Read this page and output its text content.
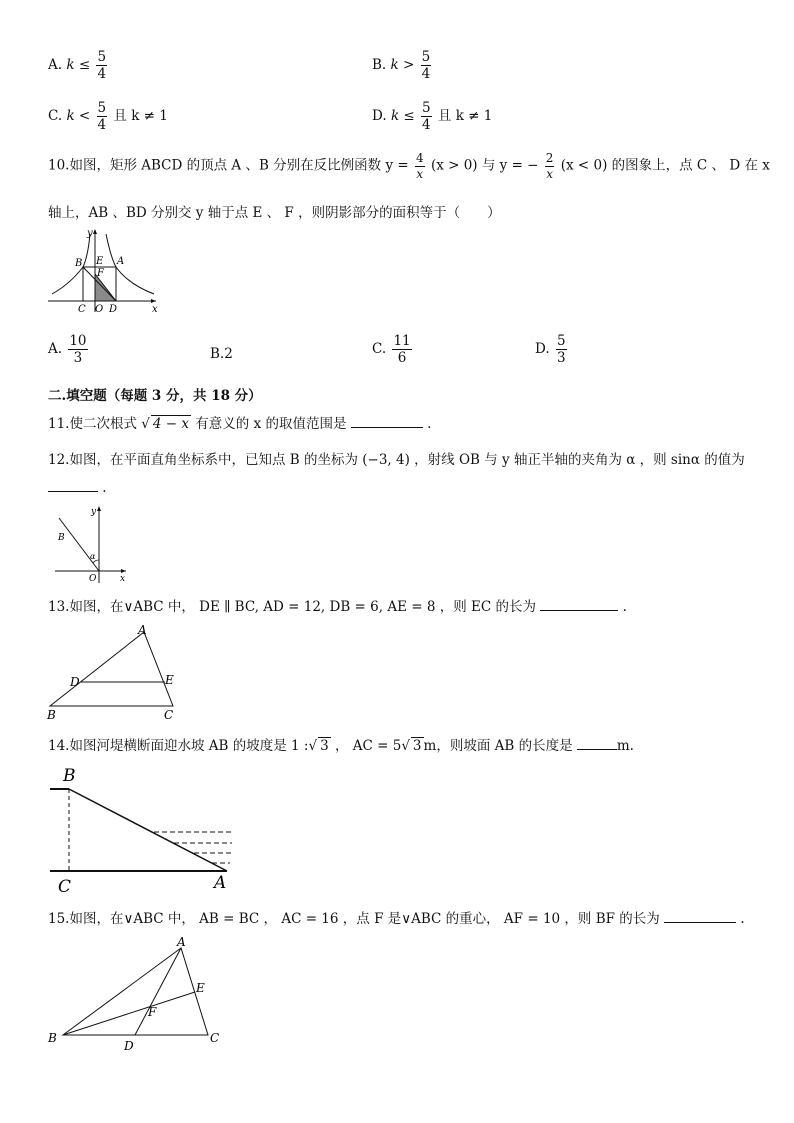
A. $k \le \frac{5}{4}$	B. $k > \frac{5}{4}$
C. $k < \frac{5}{4}$ 且 k ≠ 1	D. $k \le \frac{5}{4}$ 且 k ≠ 1
10.如图，矩形 ABCD 的顶点 A 、B 分别在反比例函数 $y = \frac{4}{x} (x > 0)$ 与 y = − $\frac{2}{x} (x < 0)$ 的图象上，点 C 、 D 在 x
轴上，AB 、BD 分别交 y 轴于点 E 、 F ，则阴影部分的面积等于（　　）
B E A
F
C O D	x
y
A. $\frac{10}{3}$	B.2	C. $\frac{11}{6}$	D. $\frac{5}{3}$
二.填空题（每题 3 分，共 18 分）
11.使二次根式 √ 4 − x 有意义的 x 的取值范围是	.
12.如图，在平面直角坐标系中，已知点 B 的坐标为 (−3, 4) ，射线 OB 与 y 轴正半轴的夹角为 α ，则 sinα 的值为
.
B
α
O	x
y
13.如图，在∨ABC 中， DE ∥ BC, AD = 12, DB = 6, AE = 8 ，则 EC 的长为	.
A
D	E
B	C
14.如图河堤横断面迎水坡 AB 的坡度是 1 :√ 3 ， AC = 5√ 3 m，则坡面 AB 的长度是	m.
B
C	A
15.如图，在∨ABC 中， AB = BC ， AC = 16 ，点 F 是∨ABC 的重心， AF = 10 ，则 BF 的长为	.
A
E
F
B
D
C
